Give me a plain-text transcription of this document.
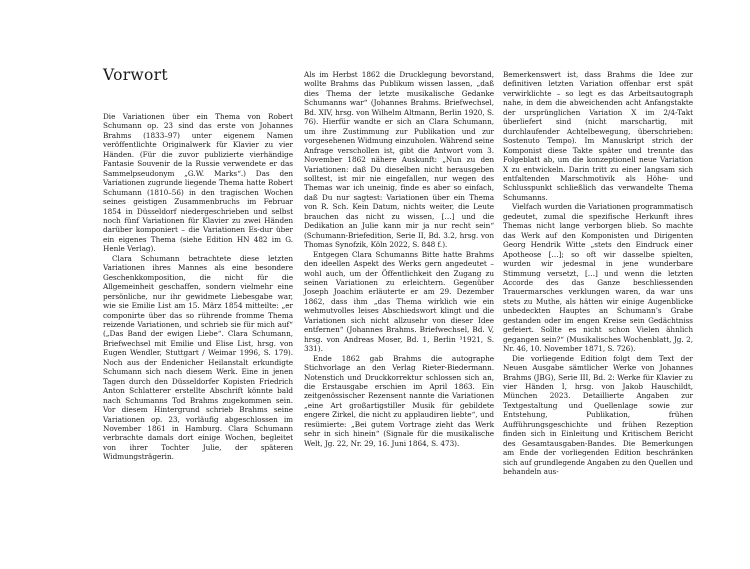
Vorwort

Die Variationen über ein Thema von Robert Schumann op. 23 sind das erste von Johannes Brahms (1833–97) unter eigenem Namen veröffentlichte Originalwerk für Klavier zu vier Händen. (Für die zuvor publizierte vierhändige Fantasie Souvenir de la Russie verwendete er das Sammelpseudonym „G.W. Marks“.) Das den Variationen zugrunde liegende Thema hatte Robert Schumann (1810–56) in den tragischen Wochen seines geistigen Zusammenbruchs im Februar 1854 in Düsseldorf niedergeschrieben und selbst noch fünf Variationen für Klavier zu zwei Händen darüber komponiert – die Variationen Es-dur über ein eigenes Thema (siehe Edition HN 482 im G. Henle Verlag).

Clara Schumann betrachtete diese letzten Variationen ihres Mannes als eine besondere Geschenkkomposition, die nicht für die Allgemeinheit geschaffen, sondern vielmehr eine persönliche, nur ihr gewidmete Liebesgabe war, wie sie Emilie List am 15. März 1854 mitteilte: „er componirte über das so rührende fromme Thema reizende Variationen, und schrieb sie für mich auf“ („Das Band der ewigen Liebe“. Clara Schumann, Briefwechsel mit Emilie und Elise List, hrsg. von Eugen Wendler, Stuttgart / Weimar 1996, S. 179). Noch aus der Endenicher Heilanstalt erkundigte Schumann sich nach diesem Werk. Eine in jenen Tagen durch den Düsseldorfer Kopisten Friedrich Anton Schlatterer erstellte Abschrift könnte bald nach Schumanns Tod Brahms zugekommen sein. Vor diesem Hintergrund schrieb Brahms seine Variationen op. 23, vorläufig abgeschlossen im November 1861 in Hamburg. Clara Schumann verbrachte damals dort einige Wochen, begleitet von ihrer Tochter Julie, der späteren Widmungsträgerin.

Als im Herbst 1862 die Drucklegung bevorstand, wollte Brahms das Publikum wissen lassen, „daß dies Thema der letzte musikalische Gedanke Schumanns war“ (Johannes Brahms. Briefwechsel, Bd. XIV, hrsg. von Wilhelm Altmann, Berlin 1920, S. 76). Hierfür wandte er sich an Clara Schumann, um ihre Zustimmung zur Publikation und zur vorgesehenen Widmung einzuholen. Während seine Anfrage verschollen ist, gibt die Antwort vom 3. November 1862 nähere Auskunft: „Nun zu den Variationen: daß Du dieselben nicht herausgeben solltest, ist mir nie eingefallen, nur wegen des Themas war ich uneinig, finde es aber so einfach, daß Du nur sagtest: Variationen über ein Thema von R. Sch. Kein Datum, nichts weiter, die Leute brauchen das nicht zu wissen, […] und die Dedikation an Julie kann mir ja nur recht sein“ (Schumann-Briefedition, Serie II, Bd. 3.2, hrsg. von Thomas Synofzik, Köln 2022, S. 848 f.).

Entgegen Clara Schumanns Bitte hatte Brahms den ideellen Aspekt des Werks gern angedeutet – wohl auch, um der Öffentlichkeit den Zugang zu seinen Variationen zu erleichtern. Gegenüber Joseph Joachim erläuterte er am 29. Dezember 1862, dass ihm „das Thema wirklich wie ein wehmutvolles leises Abschiedswort klingt und die Variationen sich nicht allzusehr von dieser Idee entfernen“ (Johannes Brahms. Briefwechsel, Bd. V, hrsg. von Andreas Moser, Bd. 1, Berlin ³1921, S. 331).

Ende 1862 gab Brahms die autographe Stichvorlage an den Verlag Rieter-Biedermann. Notenstich und Druckkorrektur schlossen sich an, die Erstausgabe erschien im April 1863. Ein zeitgenössischer Rezensent nannte die Variationen „eine Art großartigstiller Musik für gebildete engere Zirkel, die nicht zu applaudiren liebte“, und resümierte: „Bei gutem Vortrage zieht das Werk sehr in sich hinein“ (Signale für die musikalische Welt, Jg. 22, Nr. 29, 16. Juni 1864, S. 473).

Bemerkenswert ist, dass Brahms die Idee zur definitiven letzten Variation offenbar erst spät verwirklichte – so legt es das Arbeitsautograph nahe, in dem die abweichenden acht Anfangstakte der ursprünglichen Variation X im 2/4-Takt überliefert sind (nicht marschartig, mit durchlaufender Achtelbewegung, überschrieben: Sostenuto Tempo). Im Manuskript strich der Komponist diese Takte später und trennte das Folgeblatt ab, um die konzeptionell neue Variation X zu entwickeln. Darin tritt zu einer langsam sich entfaltenden Marschmotivik als Höhe- und Schlusspunkt schließlich das verwandelte Thema Schumanns.

Vielfach wurden die Variationen programmatisch gedeutet, zumal die spezifische Herkunft ihres Themas nicht lange verborgen blieb. So machte das Werk auf den Komponisten und Dirigenten Georg Hendrik Witte „stets den Eindruck einer Apotheose […]; so oft wir dasselbe spielten, wurden wir jedesmal in jene wunderbare Stimmung versetzt, […] und wenn die letzten Accorde des das Ganze beschliessenden Trauermarsches verklungen waren, da war uns stets zu Muthe, als hätten wir einige Augenblicke unbedeckten Hauptes an Schumann’s Grabe gestanden oder im engen Kreise sein Gedächtniss gefeiert. Sollte es nicht schon Vielen ähnlich gegangen sein?“ (Musikalisches Wochenblatt, Jg. 2, Nr. 46, 10. November 1871, S. 726).

Die vorliegende Edition folgt dem Text der Neuen Ausgabe sämtlicher Werke von Johannes Brahms (JBG), Serie III, Bd. 2: Werke für Klavier zu vier Händen I, hrsg. von Jakob Hauschildt, München 2023. Detaillierte Angaben zur Textgestaltung und Quellenlage sowie zur Entstehung, Publikation, frühen Aufführungsgeschichte und frühen Rezeption finden sich in Einleitung und Kritischem Bericht des Gesamtausgaben-Bandes. Die Bemerkungen am Ende der vorliegenden Edition beschränken sich auf grundlegende Angaben zu den Quellen und behandeln aus-
